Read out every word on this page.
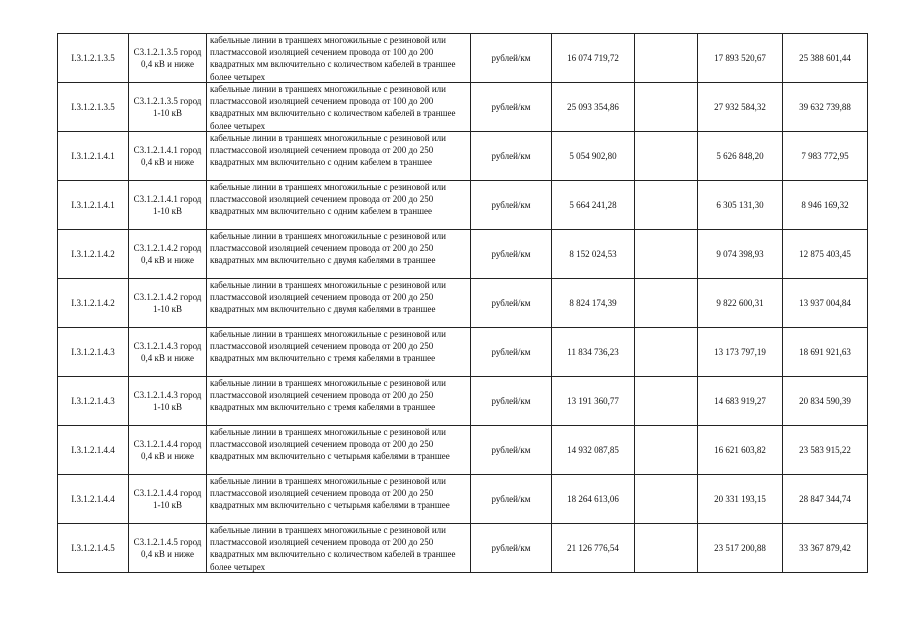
I.3.1.2.1.3.5	C3.1.2.1.3.5 город 0,4 кВ и ниже	кабельные линии в траншеях многожильные с резиновой или пластмассовой изоляцией сечением провода от 100 до 200 квадратных мм включительно с количеством кабелей в траншее более четырех	рублей/км	16 074 719,72		17 893 520,67	25 388 601,44
I.3.1.2.1.3.5	C3.1.2.1.3.5 город 1-10 кВ	кабельные линии в траншеях многожильные с резиновой или пластмассовой изоляцией сечением провода от 100 до 200 квадратных мм включительно с количеством кабелей в траншее более четырех	рублей/км	25 093 354,86		27 932 584,32	39 632 739,88
I.3.1.2.1.4.1	C3.1.2.1.4.1 город 0,4 кВ и ниже	кабельные линии в траншеях многожильные с резиновой или пластмассовой изоляцией сечением провода от 200 до 250 квадратных мм включительно с одним кабелем в траншее	рублей/км	5 054 902,80		5 626 848,20	7 983 772,95
I.3.1.2.1.4.1	C3.1.2.1.4.1 город 1-10 кВ	кабельные линии в траншеях многожильные с резиновой или пластмассовой изоляцией сечением провода от 200 до 250 квадратных мм включительно с одним кабелем в траншее	рублей/км	5 664 241,28		6 305 131,30	8 946 169,32
I.3.1.2.1.4.2	C3.1.2.1.4.2 город 0,4 кВ и ниже	кабельные линии в траншеях многожильные с резиновой или пластмассовой изоляцией сечением провода от 200 до 250 квадратных мм включительно с двумя кабелями в траншее	рублей/км	8 152 024,53		9 074 398,93	12 875 403,45
I.3.1.2.1.4.2	C3.1.2.1.4.2 город 1-10 кВ	кабельные линии в траншеях многожильные с резиновой или пластмассовой изоляцией сечением провода от 200 до 250 квадратных мм включительно с двумя кабелями в траншее	рублей/км	8 824 174,39		9 822 600,31	13 937 004,84
I.3.1.2.1.4.3	C3.1.2.1.4.3 город 0,4 кВ и ниже	кабельные линии в траншеях многожильные с резиновой или пластмассовой изоляцией сечением провода от 200 до 250 квадратных мм включительно с тремя кабелями в траншее	рублей/км	11 834 736,23		13 173 797,19	18 691 921,63
I.3.1.2.1.4.3	C3.1.2.1.4.3 город 1-10 кВ	кабельные линии в траншеях многожильные с резиновой или пластмассовой изоляцией сечением провода от 200 до 250 квадратных мм включительно с тремя кабелями в траншее	рублей/км	13 191 360,77		14 683 919,27	20 834 590,39
I.3.1.2.1.4.4	C3.1.2.1.4.4 город 0,4 кВ и ниже	кабельные линии в траншеях многожильные с резиновой или пластмассовой изоляцией сечением провода от 200 до 250 квадратных мм включительно с четырьмя кабелями в траншее	рублей/км	14 932 087,85		16 621 603,82	23 583 915,22
I.3.1.2.1.4.4	C3.1.2.1.4.4 город 1-10 кВ	кабельные линии в траншеях многожильные с резиновой или пластмассовой изоляцией сечением провода от 200 до 250 квадратных мм включительно с четырьмя кабелями в траншее	рублей/км	18 264 613,06		20 331 193,15	28 847 344,74
I.3.1.2.1.4.5	C3.1.2.1.4.5 город 0,4 кВ и ниже	кабельные линии в траншеях многожильные с резиновой или пластмассовой изоляцией сечением провода от 200 до 250 квадратных мм включительно с количеством кабелей в траншее более четырех	рублей/км	21 126 776,54		23 517 200,88	33 367 879,42
